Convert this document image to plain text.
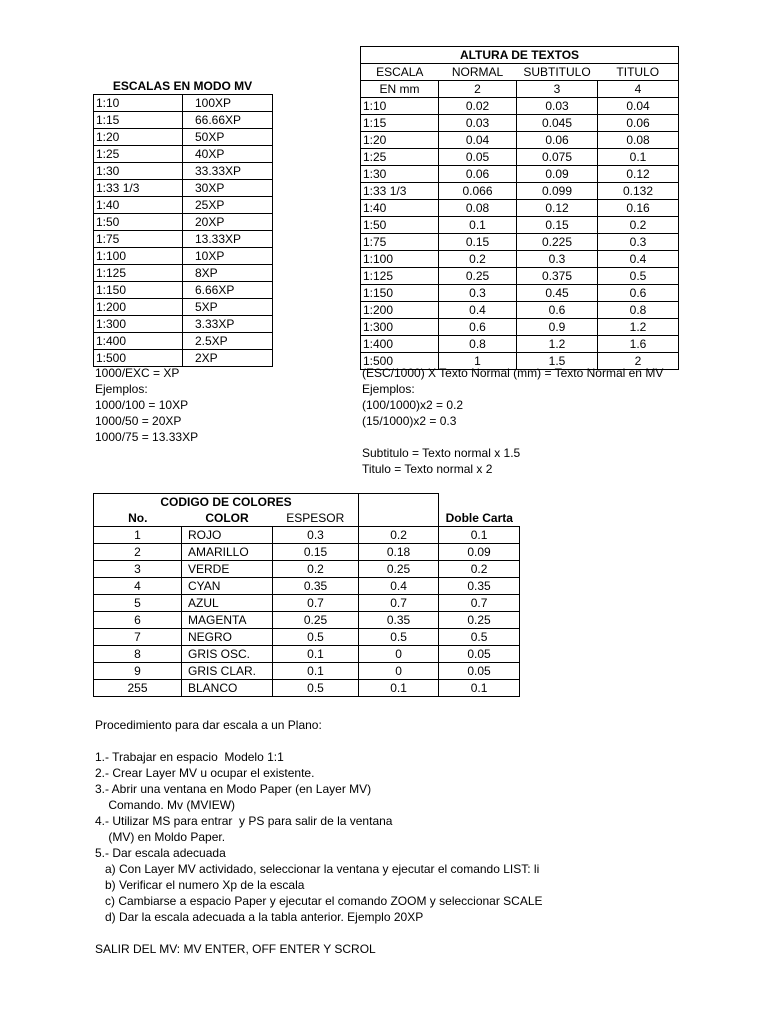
ESCALAS EN MODO MV
1:10	100XP
1:15	66.66XP
1:20	50XP
1:25	40XP
1:30	33.33XP
1:33 1/3	30XP
1:40	25XP
1:50	20XP
1:75	13.33XP
1:100	10XP
1:125	8XP
1:150	6.66XP
1:200	5XP
1:300	3.33XP
1:400	2.5XP
1:500	2XP
ALTURA DE TEXTOS			
ESCALA	NORMAL	SUBTITULO	TITULO
EN mm	2	3	4
1:10	0.02	0.03	0.04
1:15	0.03	0.045	0.06
1:20	0.04	0.06	0.08
1:25	0.05	0.075	0.1
1:30	0.06	0.09	0.12
1:33 1/3	0.066	0.099	0.132
1:40	0.08	0.12	0.16
1:50	0.1	0.15	0.2
1:75	0.15	0.225	0.3
1:100	0.2	0.3	0.4
1:125	0.25	0.375	0.5
1:150	0.3	0.45	0.6
1:200	0.4	0.6	0.8
1:300	0.6	0.9	1.2
1:400	0.8	1.2	1.6
1:500	1	1.5	2
1000/EXC = XP
Ejemplos:
1000/100 = 10XP
1000/50 = 20XP
1000/75 = 13.33XP
(ESC/1000) X Texto Normal (mm) = Texto Normal en MV
Ejemplos:
(100/1000)x2 = 0.2
(15/1000)x2 = 0.3
Subtitulo = Texto normal x 1.5
Titulo = Texto normal x 2
CODIGO DE COLORES				
No.	COLOR	ESPESOR		Doble Carta
1	ROJO	0.3	0.2	0.1
2	AMARILLO	0.15	0.18	0.09
3	VERDE	0.2	0.25	0.2
4	CYAN	0.35	0.4	0.35
5	AZUL	0.7	0.7	0.7
6	MAGENTA	0.25	0.35	0.25
7	NEGRO	0.5	0.5	0.5
8	GRIS OSC.	0.1	0	0.05
9	GRIS CLAR.	0.1	0	0.05
255	BLANCO	0.5	0.1	0.1
Procedimiento para dar escala a un Plano:
1.- Trabajar en espacio  Modelo 1:1
2.- Crear Layer MV u ocupar el existente.
3.- Abrir una ventana en Modo Paper (en Layer MV)
Comando. Mv (MVIEW)
4.- Utilizar MS para entrar  y PS para salir de la ventana
(MV) en Moldo Paper.
5.- Dar escala adecuada
a) Con Layer MV actividado, seleccionar la ventana y ejecutar el comando LIST: li
b) Verificar el numero Xp de la escala
c) Cambiarse a espacio Paper y ejecutar el comando ZOOM y seleccionar SCALE
d) Dar la escala adecuada a la tabla anterior. Ejemplo 20XP
SALIR DEL MV: MV ENTER, OFF ENTER Y SCROL
